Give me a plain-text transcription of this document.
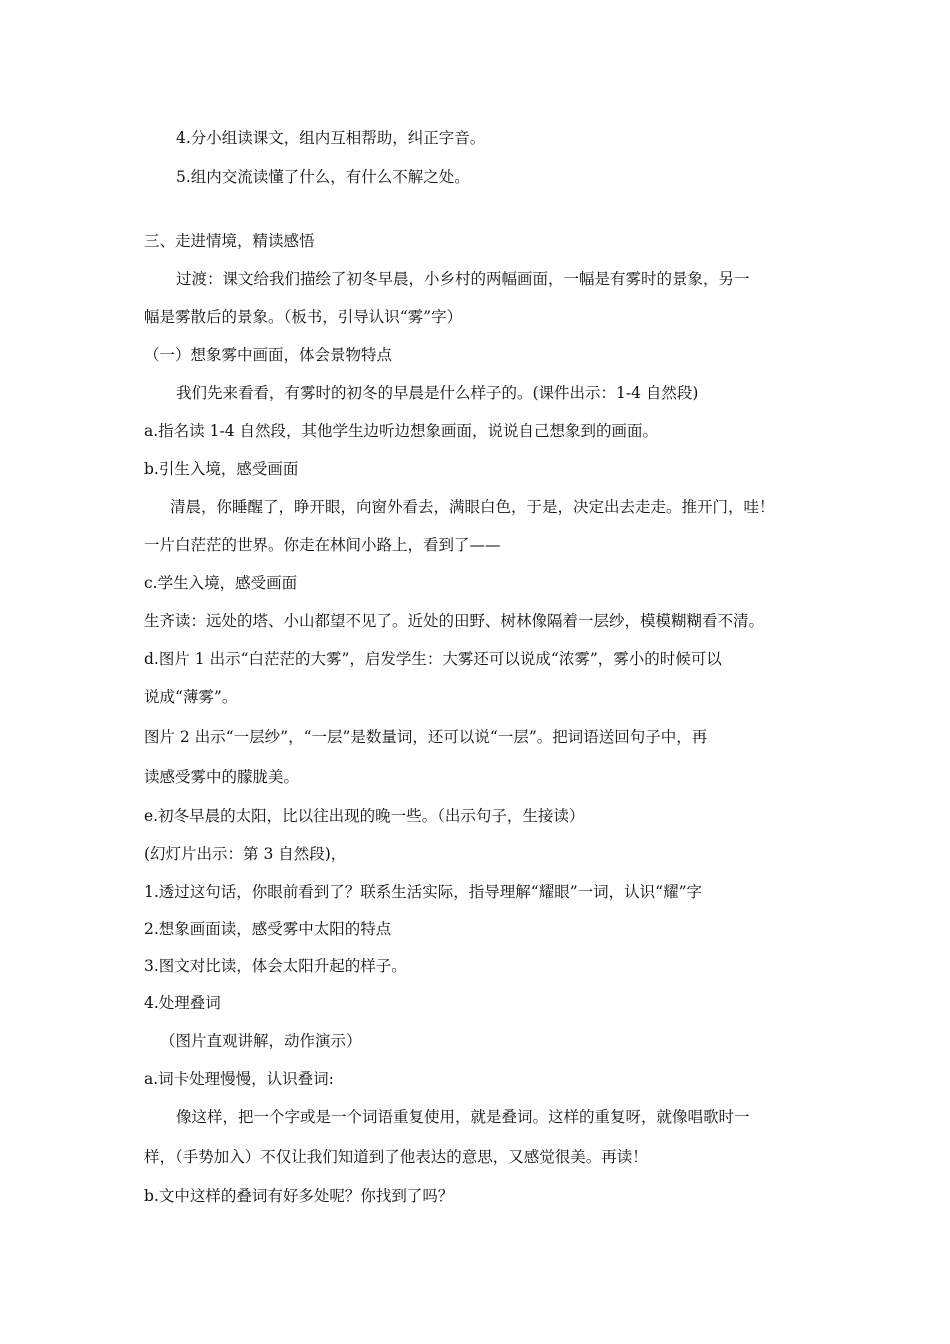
4.分小组读课文，组内互相帮助，纠正字音。

5.组内交流读懂了什么，有什么不解之处。

三、走进情境，精读感悟

过渡：课文给我们描绘了初冬早晨，小乡村的两幅画面，一幅是有雾时的景象，另一

幅是雾散后的景象。（板书，引导认识“雾”字）

（一）想象雾中画面，体会景物特点

我们先来看看，有雾时的初冬的早晨是什么样子的。(课件出示：1-4 自然段)

a.指名读 1-4 自然段，其他学生边听边想象画面，说说自己想象到的画面。

b.引生入境，感受画面

清晨，你睡醒了，睁开眼，向窗外看去，满眼白色，于是，决定出去走走。推开门，哇！

一片白茫茫的世界。你走在林间小路上，看到了——

c.学生入境，感受画面

生齐读：远处的塔、小山都望不见了。近处的田野、树林像隔着一层纱，模模糊糊看不清。

d.图片 1 出示“白茫茫的大雾”，启发学生：大雾还可以说成“浓雾”，雾小的时候可以

说成“薄雾”。

图片 2 出示“一层纱”，“一层”是数量词，还可以说“一层”。把词语送回句子中，再

读感受雾中的朦胧美。

e.初冬早晨的太阳，比以往出现的晚一些。（出示句子，生接读）

(幻灯片出示：第 3 自然段)，

1.透过这句话，你眼前看到了？联系生活实际，指导理解“耀眼”一词，认识“耀”字

2.想象画面读，感受雾中太阳的特点

3.图文对比读，体会太阳升起的样子。

4.处理叠词

（图片直观讲解，动作演示）

a.词卡处理慢慢，认识叠词:

像这样，把一个字或是一个词语重复使用，就是叠词。这样的重复呀，就像唱歌时一

样，（手势加入）不仅让我们知道到了他表达的意思，又感觉很美。再读！

b.文中这样的叠词有好多处呢？你找到了吗？
